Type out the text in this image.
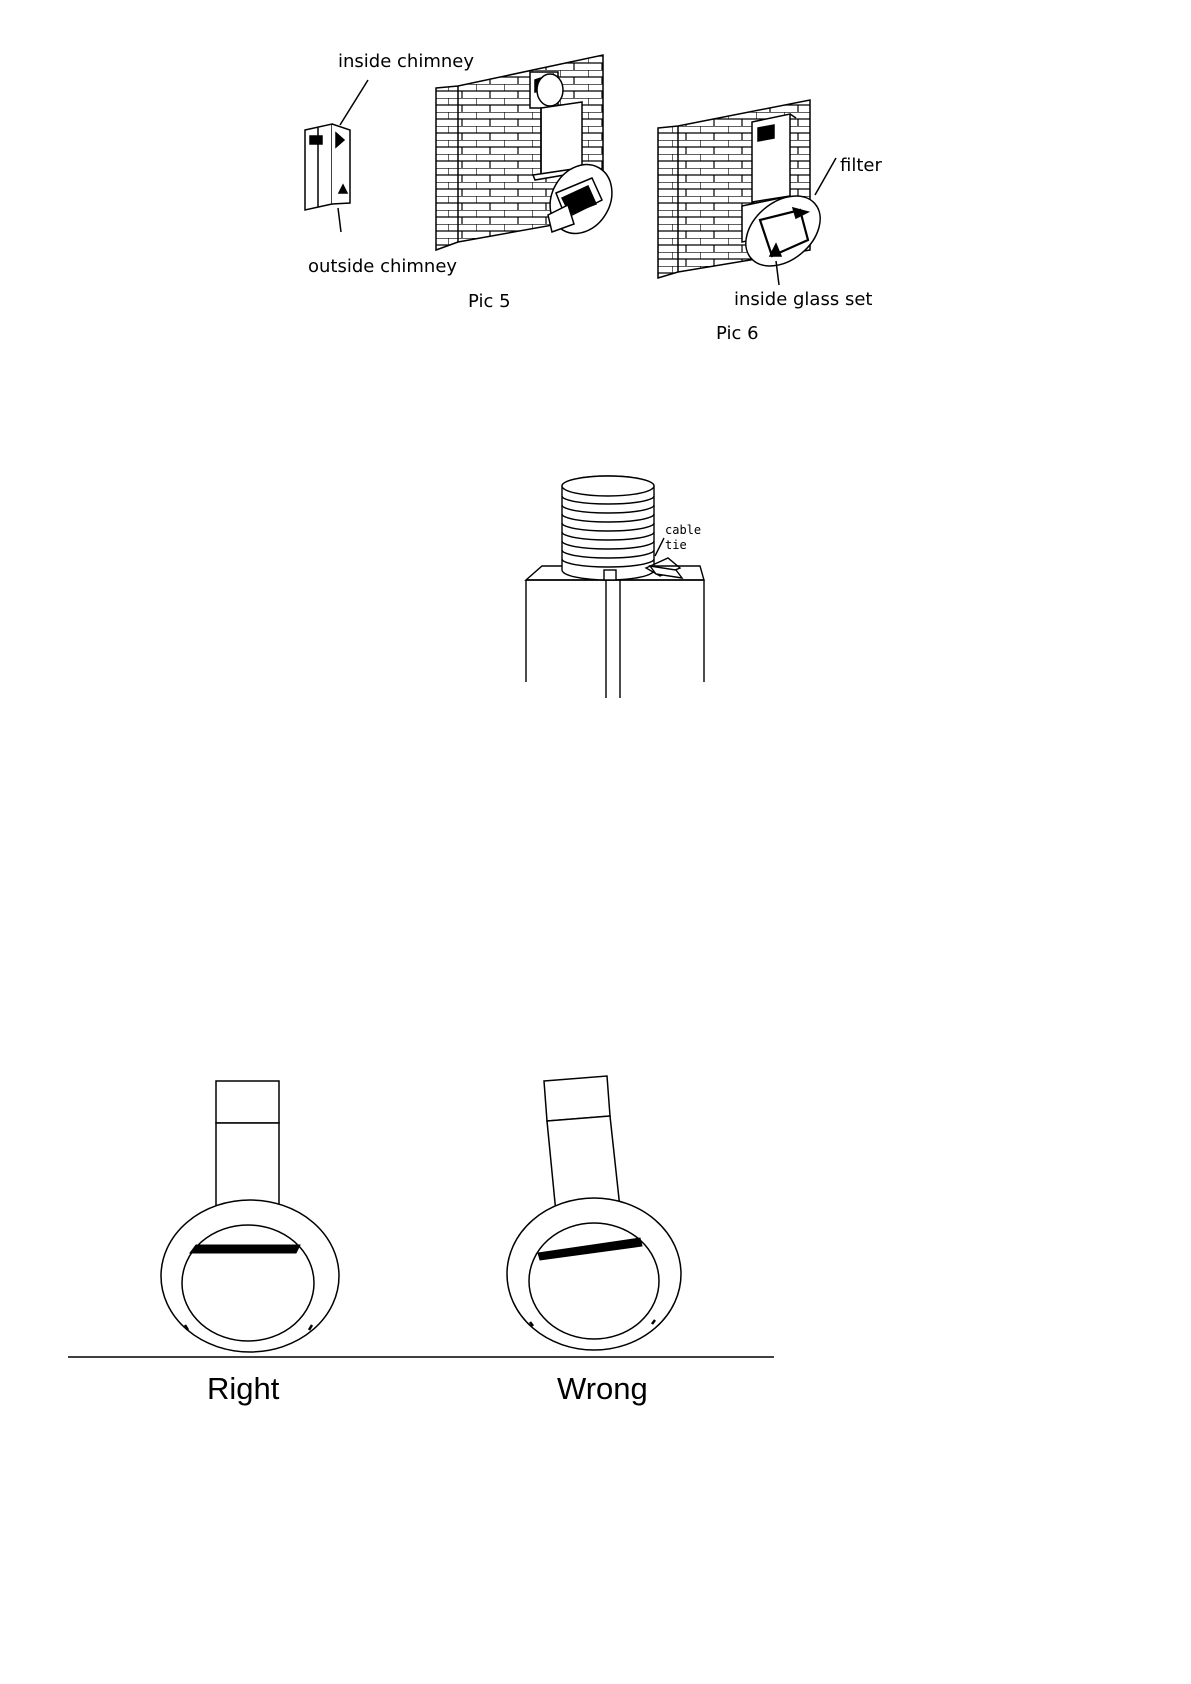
inside chimney
outside chimney
Pic 5
filter
inside glass set
Pic 6
cable
tie
Right	Wrong
